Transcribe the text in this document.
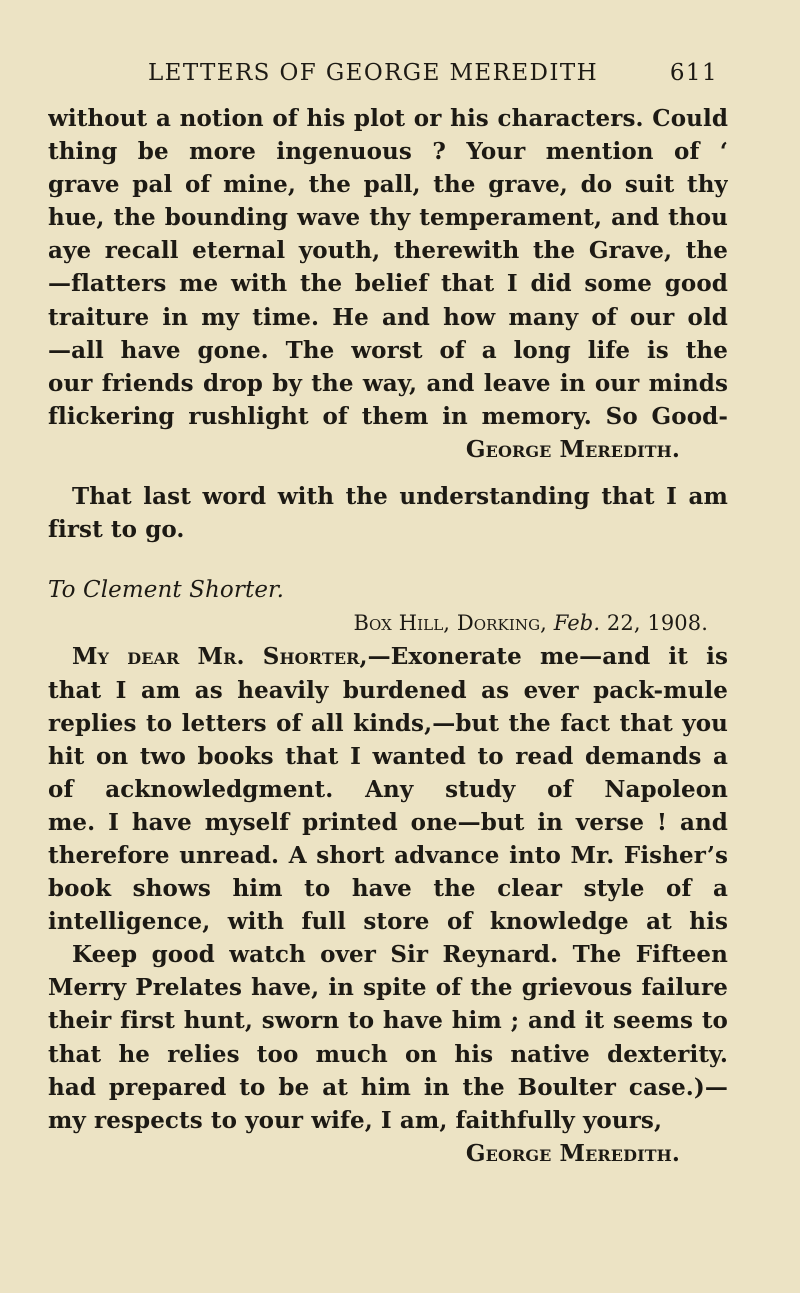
LETTERS OF GEORGE MEREDITH	611
without a notion of his plot or his characters. Could
thing be more ingenuous ? Your mention of ‘
grave pal of mine, the pall, the grave, do suit thy
hue, the bounding wave thy temperament, and thou
aye recall eternal youth, therewith the Grave, the
—flatters me with the belief that I did some good
traiture in my time. He and how many of our old
—all have gone. The worst of a long life is the
our friends drop by the way, and leave in our minds
flickering rushlight of them in memory. So Good-
George Meredith.
That last word with the understanding that I am
first to go.
To Clement Shorter.
Box Hill, Dorking, Feb. 22, 1908.
My dear Mr. Shorter,—Exonerate me—and it is
that I am as heavily burdened as ever pack-mule
replies to letters of all kinds,—but the fact that you
hit on two books that I wanted to read demands a
of acknowledgment. Any study of Napoleon
me. I have myself printed one—but in verse ! and
therefore unread. A short advance into Mr. Fisher’s
book shows him to have the clear style of a
intelligence, with full store of knowledge at his
Keep good watch over Sir Reynard. The Fifteen
Merry Prelates have, in spite of the grievous failure
their first hunt, sworn to have him ; and it seems to
that he relies too much on his native dexterity.
had prepared to be at him in the Boulter case.)—
my respects to your wife, I am, faithfully yours,
George Meredith.
